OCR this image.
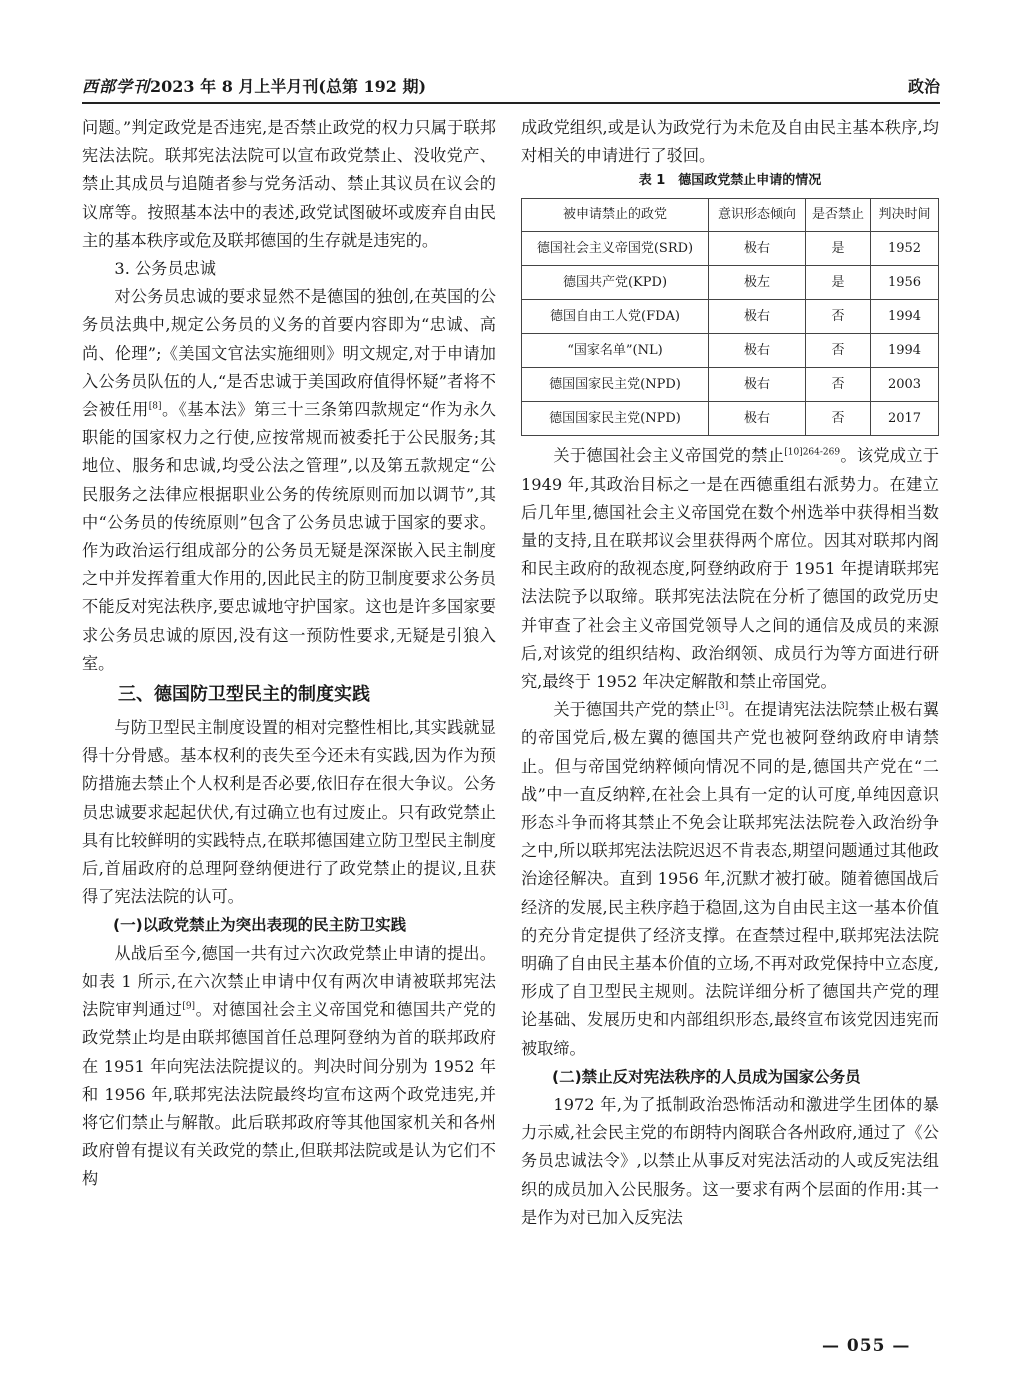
西部学刊2023 年 8 月上半月刊(总第 192 期)	政治

问题。”判定政党是否违宪,是否禁止政党的权力只属于联邦宪法法院。联邦宪法法院可以宣布政党禁止、没收党产、禁止其成员与追随者参与党务活动、禁止其议员在议会的议席等。按照基本法中的表述,政党试图破坏或废弃自由民主的基本秩序或危及联邦德国的生存就是违宪的。

3. 公务员忠诚

对公务员忠诚的要求显然不是德国的独创,在英国的公务员法典中,规定公务员的义务的首要内容即为“忠诚、高尚、伦理”;《美国文官法实施细则》明文规定,对于申请加入公务员队伍的人,“是否忠诚于美国政府值得怀疑”者将不会被任用[8]。《基本法》第三十三条第四款规定“作为永久职能的国家权力之行使,应按常规而被委托于公民服务;其地位、服务和忠诚,均受公法之管理”,以及第五款规定“公民服务之法律应根据职业公务的传统原则而加以调节”,其中“公务员的传统原则”包含了公务员忠诚于国家的要求。作为政治运行组成部分的公务员无疑是深深嵌入民主制度之中并发挥着重大作用的,因此民主的防卫制度要求公务员不能反对宪法秩序,要忠诚地守护国家。这也是许多国家要求公务员忠诚的原因,没有这一预防性要求,无疑是引狼入室。

三、德国防卫型民主的制度实践

与防卫型民主制度设置的相对完整性相比,其实践就显得十分骨感。基本权利的丧失至今还未有实践,因为作为预防措施去禁止个人权利是否必要,依旧存在很大争议。公务员忠诚要求起起伏伏,有过确立也有过废止。只有政党禁止具有比较鲜明的实践特点,在联邦德国建立防卫型民主制度后,首届政府的总理阿登纳便进行了政党禁止的提议,且获得了宪法法院的认可。

(一)以政党禁止为突出表现的民主防卫实践

从战后至今,德国一共有过六次政党禁止申请的提出。如表 1 所示,在六次禁止申请中仅有两次申请被联邦宪法法院审判通过[9]。对德国社会主义帝国党和德国共产党的政党禁止均是由联邦德国首任总理阿登纳为首的联邦政府在 1951 年向宪法法院提议的。判决时间分别为 1952 年和 1956 年,联邦宪法法院最终均宣布这两个政党违宪,并将它们禁止与解散。此后联邦政府等其他国家机关和各州政府曾有提议有关政党的禁止,但联邦法院或是认为它们不构

成政党组织,或是认为政党行为未危及自由民主基本秩序,均对相关的申请进行了驳回。

表 1　德国政党禁止申请的情况
被申请禁止的政党	意识形态倾向	是否禁止	判决时间
德国社会主义帝国党(SRD)	极右	是	1952
德国共产党(KPD)	极左	是	1956
德国自由工人党(FDA)	极右	否	1994
“国家名单”(NL)	极右	否	1994
德国国家民主党(NPD)	极右	否	2003
德国国家民主党(NPD)	极右	否	2017

关于德国社会主义帝国党的禁止$^{[10]264-269}$。该党成立于 1949 年,其政治目标之一是在西德重组右派势力。在建立后几年里,德国社会主义帝国党在数个州选举中获得相当数量的支持,且在联邦议会里获得两个席位。因其对联邦内阁和民主政府的敌视态度,阿登纳政府于 1951 年提请联邦宪法法院予以取缔。联邦宪法法院在分析了德国的政党历史并审查了社会主义帝国党领导人之间的通信及成员的来源后,对该党的组织结构、政治纲领、成员行为等方面进行研究,最终于 1952 年决定解散和禁止帝国党。

关于德国共产党的禁止[3]。在提请宪法法院禁止极右翼的帝国党后,极左翼的德国共产党也被阿登纳政府申请禁止。但与帝国党纳粹倾向情况不同的是,德国共产党在“二战”中一直反纳粹,在社会上具有一定的认可度,单纯因意识形态斗争而将其禁止不免会让联邦宪法法院卷入政治纷争之中,所以联邦宪法法院迟迟不肯表态,期望问题通过其他政治途径解决。直到 1956 年,沉默才被打破。随着德国战后经济的发展,民主秩序趋于稳固,这为自由民主这一基本价值的充分肯定提供了经济支撑。在查禁过程中,联邦宪法法院明确了自由民主基本价值的立场,不再对政党保持中立态度,形成了自卫型民主规则。法院详细分析了德国共产党的理论基础、发展历史和内部组织形态,最终宣布该党因违宪而被取缔。

(二)禁止反对宪法秩序的人员成为国家公务员

1972 年,为了抵制政治恐怖活动和激进学生团体的暴力示威,社会民主党的布朗特内阁联合各州政府,通过了《公务员忠诚法令》,以禁止从事反对宪法活动的人或反宪法组织的成员加入公民服务。这一要求有两个层面的作用:其一是作为对已加入反宪法

— 055 —
